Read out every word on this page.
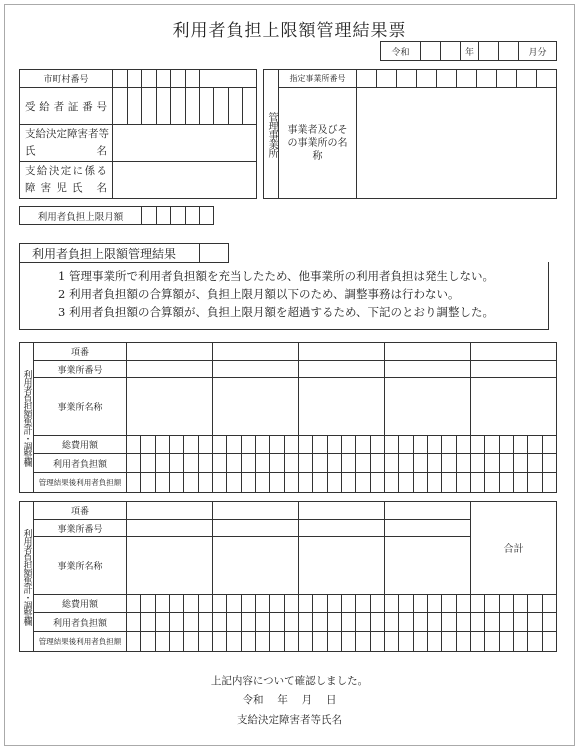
利用者負担上限額管理結果票
令和			年			月分
市町村番号										
受給者証番号										

支給決定障害者等
氏 名										

支給決定に係る
障害児氏 名										

管理事業所	指定事業所番号										
	事業者及びその事業所の名称										
利用者負担上限月額					
利用者負担上限額管理結果	
1 管理事業所で利用者負担額を充当したため、他事業所の利用者負担は発生しない。
2 利用者負担額の合算額が、負担上限月額以下のため、調整事務は行わない。
3 利用者負担額の合算額が、負担上限月額を超過するため、下記のとおり調整した。
利用者負担額集計・調整欄	項番																														
	事業所番号																														
	事業所名称																														
	総費用額																														
	利用者負担額																														
	管理結果後利用者負担額																														
利用者負担額集計・調整欄	項番																									合計					
	事業所番号																														
	事業所名称																														
	総費用額																														
	利用者負担額																														
	管理結果後利用者負担額																														
上記内容について確認しました。
令和　 年　 月　 日
支給決定障害者等氏名
